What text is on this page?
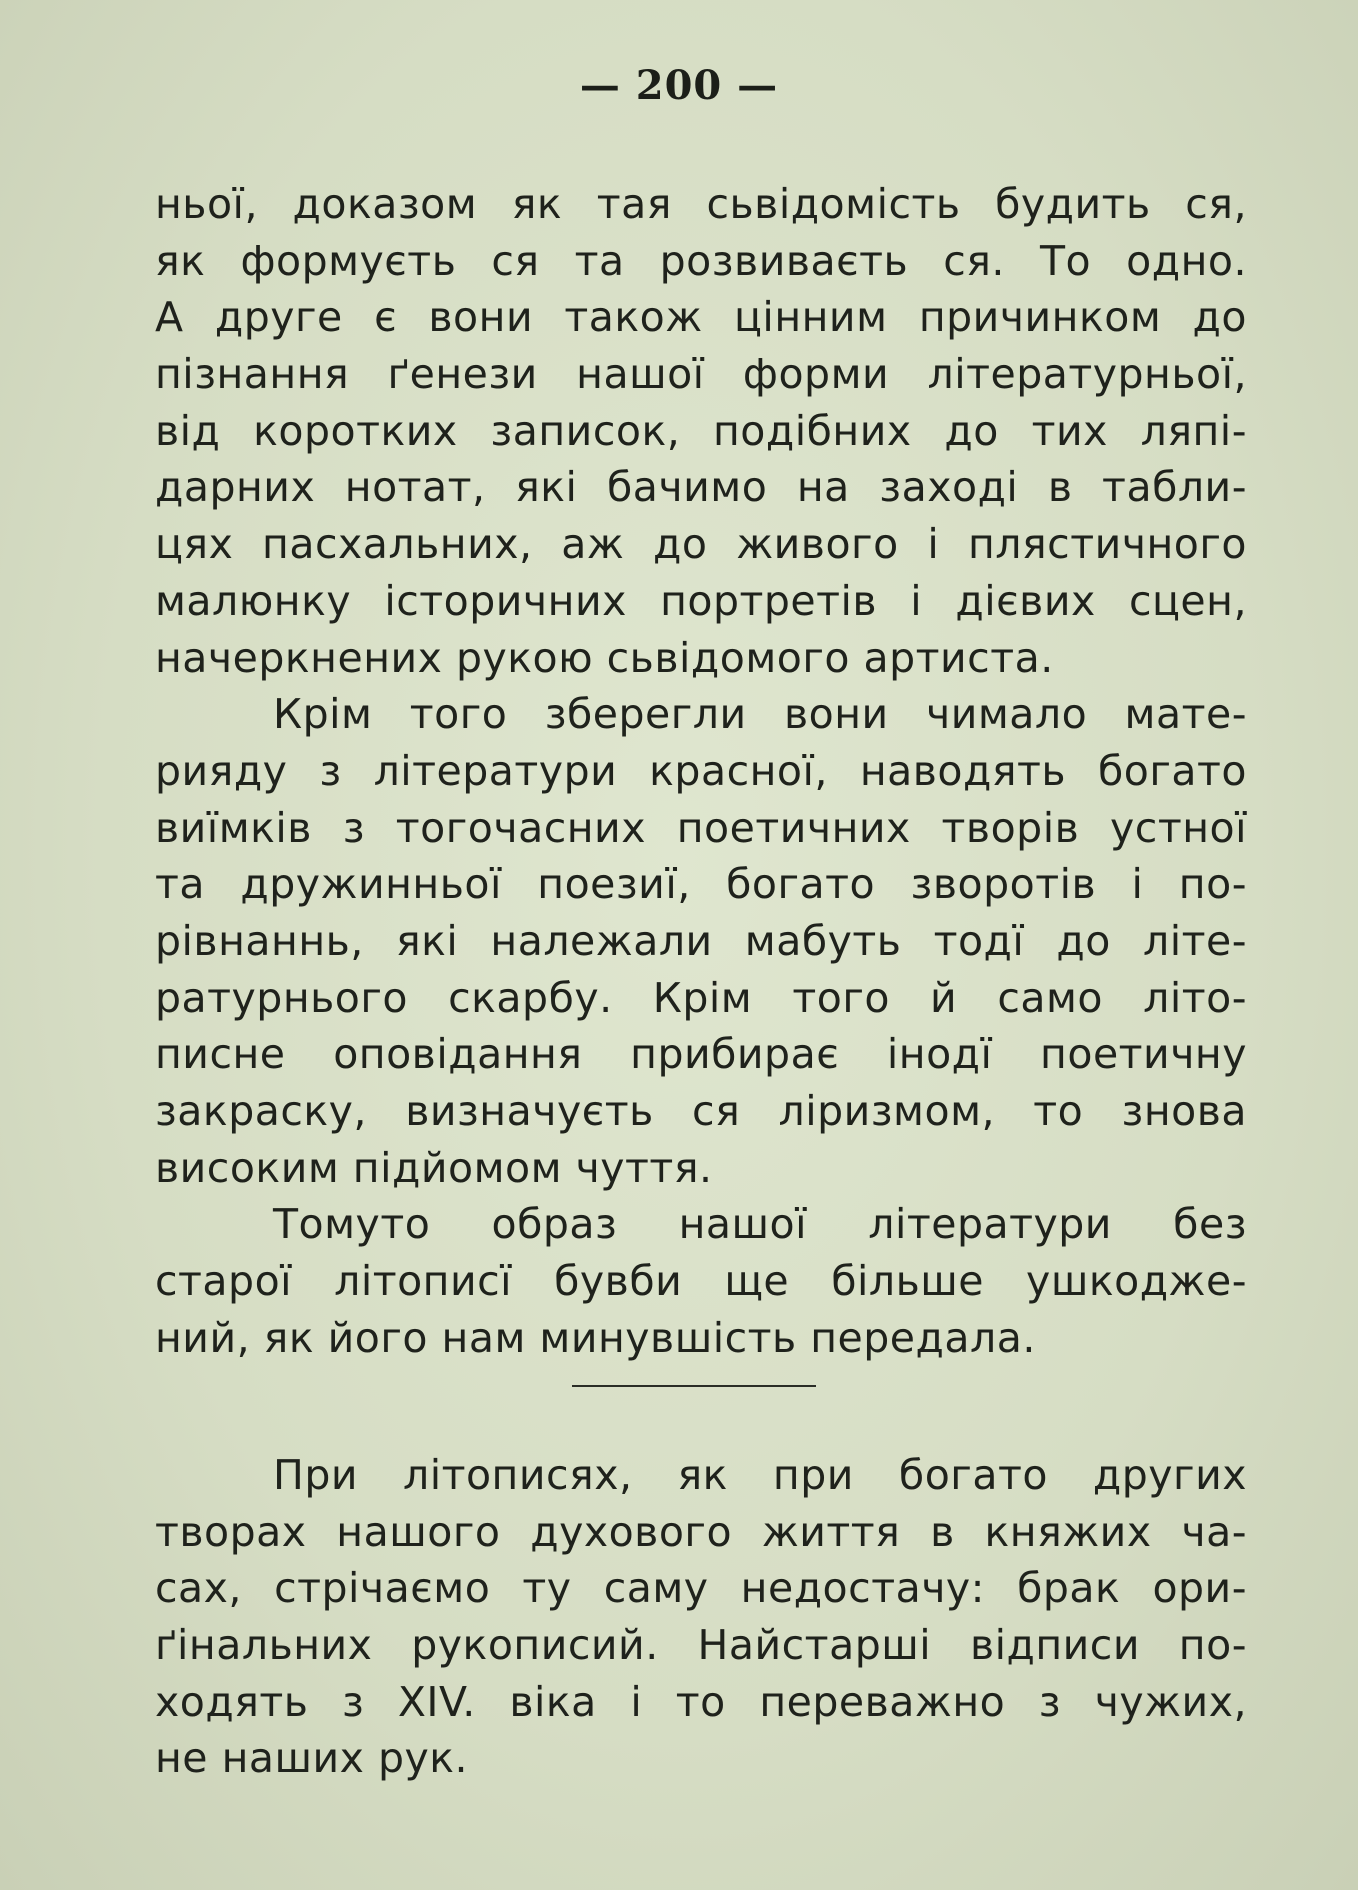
— 200 —
ньої, доказом як тая сьвідомість будить ся,
як формуєть ся та розвиваєть ся. То одно.
А друге є вони також цінним причинком до
пізнання ґенези нашої форми літературньої,
від коротких записок, подібних до тих ляпі-
дарних нотат, які бачимо на заході в табли-
цях пасхальних, аж до живого і плястичного
малюнку історичних портретів і дієвих сцен,
начеркнених рукою сьвідомого артиста.
Крім того зберегли вони чимало мате-
рияду з літератури красної, наводять богато
виїмків з тогочасних поетичних творів устної
та дружинньої поезиї, богато зворотів і по-
рівнаннь, які належали мабуть тодї до літе-
ратурнього скарбу. Крім того й само літо-
писне оповідання прибирає інодї поетичну
закраску, визначуєть ся ліризмом, то знова
високим підйомом чуття.
Томуто образ нашої літератури без
старої літописї бувби ще більше ушкодже-
ний, як його нам минувшість передала.
При літописях, як при богато других
творах нашого духового життя в княжих ча-
сах, стрічаємо ту саму недостачу: брак ори-
ґінальних рукописий. Найстарші відписи по-
ходять з XIV. віка і то переважно з чужих,
не наших рук.
